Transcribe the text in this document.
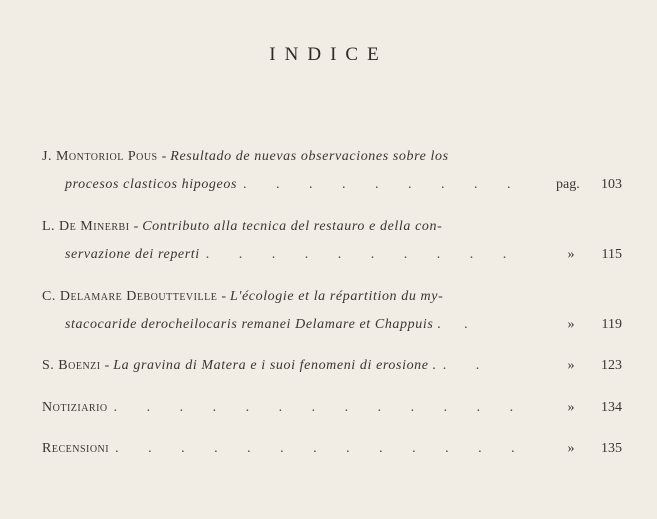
INDICE
J. Montoriol Pous - Resultado de nuevas observaciones sobre los
procesos clasticos hipogeos . . . . . . . . . pag.	103
L. De Minerbi - Contributo alla tecnica del restauro e della con-
servazione dei reperti . . . . . . . . . .	»	115
C. Delamare Deboutteville - L'écologie et la répartition du my-
stacocaride derocheilocaris remanei Delamare et Chappuis . .	»	119
S. Boenzi - La gravina di Matera e i suoi fenomeni di erosione . . .	»	123
Notiziario . . . . . . . . . . . . .	»	134
Recensioni . . . . . . . . . . . . .	»	135
